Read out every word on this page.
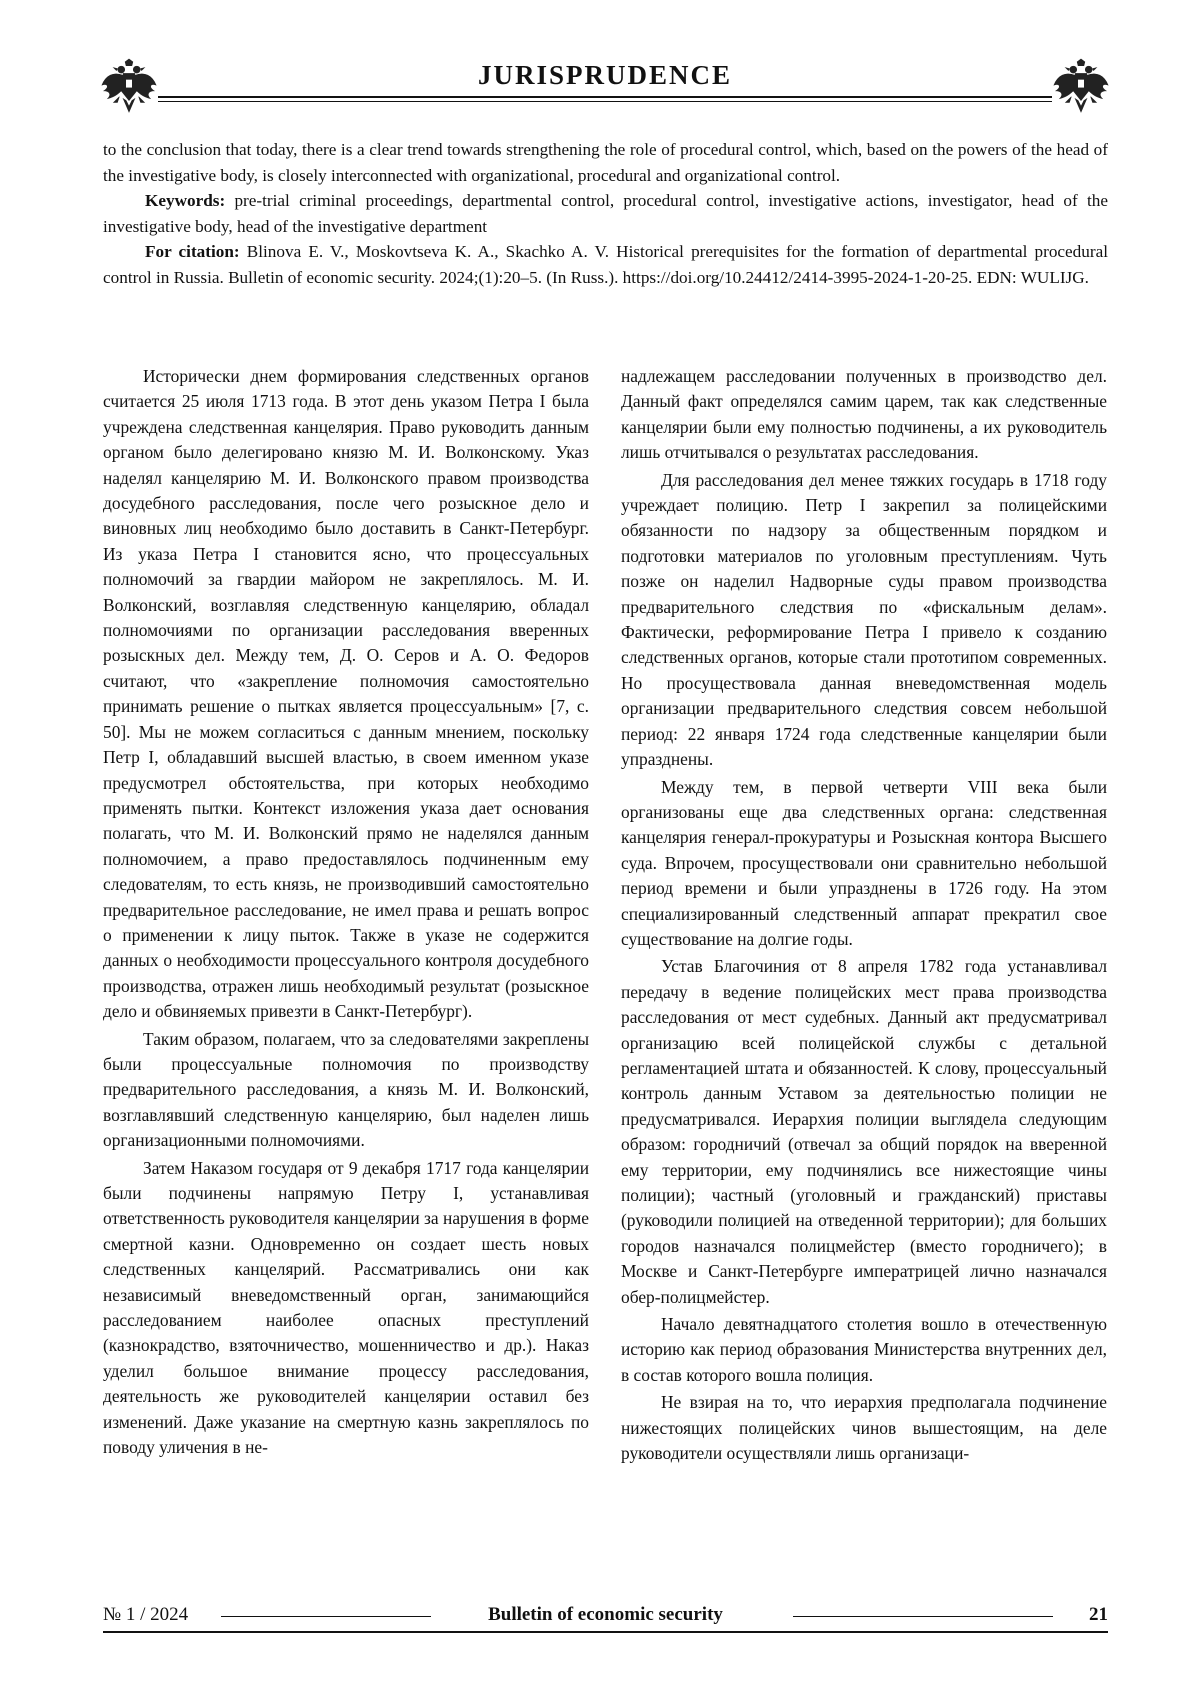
JURISPRUDENCE

to the conclusion that today, there is a clear trend towards strengthening the role of procedural control, which, based on the powers of the head of the investigative body, is closely interconnected with organizational, procedural and organizational control.

Keywords: pre-trial criminal proceedings, departmental control, procedural control, investigative actions, investigator, head of the investigative body, head of the investigative department

For citation: Blinova E. V., Moskovtseva K. A., Skachko A. V. Historical prerequisites for the formation of departmental procedural control in Russia. Bulletin of economic security. 2024;(1):20–5. (In Russ.). https://doi.org/10.24412/2414-3995-2024-1-20-25. EDN: WULIJG.

Исторически днем формирования следственных органов считается 25 июля 1713 года. В этот день указом Петра I была учреждена следственная канцелярия. Право руководить данным органом было делегировано князю М. И. Волконскому. Указ наделял канцелярию М. И. Волконского правом производства досудебного расследования, после чего розыскное дело и виновных лиц необходимо было доставить в Санкт-Петербург. Из указа Петра I становится ясно, что процессуальных полномочий за гвардии майором не закреплялось. М. И. Волконский, возглавляя следственную канцелярию, обладал полномочиями по организации расследования вверенных розыскных дел. Между тем, Д. О. Серов и А. О. Федоров считают, что «закрепление полномочия самостоятельно принимать решение о пытках является процессуальным» [7, с. 50]. Мы не можем согласиться с данным мнением, поскольку Петр I, обладавший высшей властью, в своем именном указе предусмотрел обстоятельства, при которых необходимо применять пытки. Контекст изложения указа дает основания полагать, что М. И. Волконский прямо не наделялся данным полномочием, а право предоставлялось подчиненным ему следователям, то есть князь, не производивший самостоятельно предварительное расследование, не имел права и решать вопрос о применении к лицу пыток. Также в указе не содержится данных о необходимости процессуального контроля досудебного производства, отражен лишь необходимый результат (розыскное дело и обвиняемых привезти в Санкт-Петербург).

Таким образом, полагаем, что за следователями закреплены были процессуальные полномочия по производству предварительного расследования, а князь М. И. Волконский, возглавлявший следственную канцелярию, был наделен лишь организационными полномочиями.

Затем Наказом государя от 9 декабря 1717 года канцелярии были подчинены напрямую Петру I, устанавливая ответственность руководителя канцелярии за нарушения в форме смертной казни. Одновременно он создает шесть новых следственных канцелярий. Рассматривались они как независимый вневедомственный орган, занимающийся расследованием наиболее опасных преступлений (казнокрадство, взяточничество, мошенничество и др.). Наказ уделил большое внимание процессу расследования, деятельность же руководителей канцелярии оставил без изменений. Даже указание на смертную казнь закреплялось по поводу уличения в не-

надлежащем расследовании полученных в производство дел. Данный факт определялся самим царем, так как следственные канцелярии были ему полностью подчинены, а их руководитель лишь отчитывался о результатах расследования.

Для расследования дел менее тяжких государь в 1718 году учреждает полицию. Петр I закрепил за полицейскими обязанности по надзору за общественным порядком и подготовки материалов по уголовным преступлениям. Чуть позже он наделил Надворные суды правом производства предварительного следствия по «фискальным делам». Фактически, реформирование Петра I привело к созданию следственных органов, которые стали прототипом современных. Но просуществовала данная вневедомственная модель организации предварительного следствия совсем небольшой период: 22 января 1724 года следственные канцелярии были упразднены.

Между тем, в первой четверти VIII века были организованы еще два следственных органа: следственная канцелярия генерал-прокуратуры и Розыскная контора Высшего суда. Впрочем, просуществовали они сравнительно небольшой период времени и были упразднены в 1726 году. На этом специализированный следственный аппарат прекратил свое существование на долгие годы.

Устав Благочиния от 8 апреля 1782 года устанавливал передачу в ведение полицейских мест права производства расследования от мест судебных. Данный акт предусматривал организацию всей полицейской службы с детальной регламентацией штата и обязанностей. К слову, процессуальный контроль данным Уставом за деятельностью полиции не предусматривался. Иерархия полиции выглядела следующим образом: городничий (отвечал за общий порядок на вверенной ему территории, ему подчинялись все нижестоящие чины полиции); частный (уголовный и гражданский) приставы (руководили полицией на отведенной территории); для больших городов назначался полицмейстер (вместо городничего); в Москве и Санкт-Петербурге императрицей лично назначался обер-полицмейстер.

Начало девятнадцатого столетия вошло в отечественную историю как период образования Министерства внутренних дел, в состав которого вошла полиция.

Не взирая на то, что иерархия предполагала подчинение нижестоящих полицейских чинов вышестоящим, на деле руководители осуществляли лишь организаци-

№ 1 / 2024	Bulletin of economic security	21
